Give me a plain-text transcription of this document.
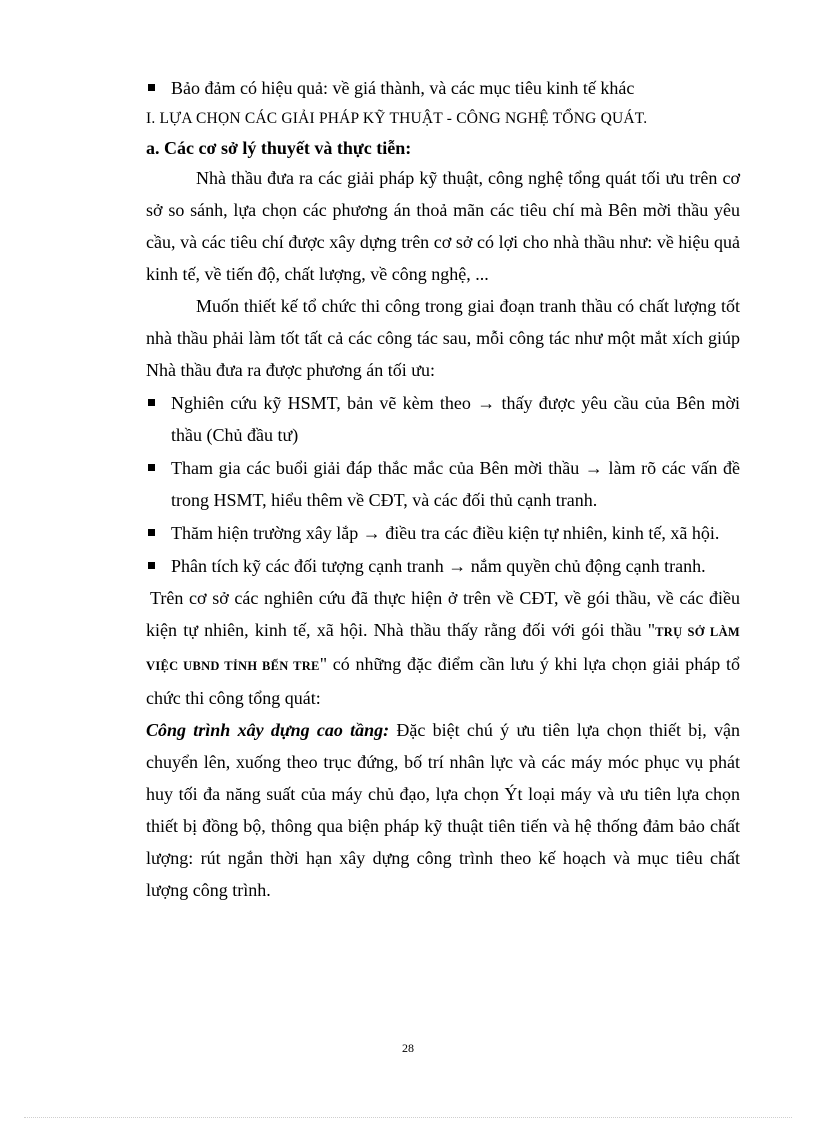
Bảo đảm có hiệu quả: về giá thành, và các mục tiêu kinh tế khác

I. LỰA CHỌN CÁC GIẢI PHÁP KỸ THUẬT - CÔNG NGHỆ TỔNG QUÁT.

a. Các cơ sở lý thuyết và thực tiễn:

Nhà thầu đưa ra các giải pháp kỹ thuật, công nghệ tổng quát tối ưu trên cơ sở so sánh, lựa chọn các phương án thoả mãn các tiêu chí mà Bên mời thầu yêu cầu, và các tiêu chí được xây dựng trên cơ sở có lợi cho nhà thầu như: về hiệu quả kinh tế, về tiến độ, chất lượng, về công nghệ, ...

Muốn thiết kế tổ chức thi công trong giai đoạn tranh thầu có chất lượng tốt nhà thầu phải làm tốt tất cả các công tác sau, mỗi công tác như một mắt xích giúp Nhà thầu đưa ra được phương án tối ưu:

Nghiên cứu kỹ HSMT, bản vẽ kèm theo → thấy được yêu cầu của Bên mời thầu (Chủ đầu tư)

Tham gia các buổi giải đáp thắc mắc của Bên mời thầu → làm rõ các vấn đề trong HSMT, hiểu thêm về CĐT, và các đối thủ cạnh tranh.

Thăm hiện trường xây lắp → điều tra các điều kiện tự nhiên, kinh tế, xã hội.

Phân tích kỹ các đối tượng cạnh tranh → nắm quyền chủ động cạnh tranh.

Trên cơ sở các nghiên cứu đã thực hiện ở trên về CĐT, về gói thầu, về các điều kiện tự nhiên, kinh tế, xã hội. Nhà thầu thấy rằng đối với gói thầu "TRỤ SỞ LÀM VIỆC UBND TỈNH BẾN TRE" có những đặc điểm cần lưu ý khi lựa chọn giải pháp tổ chức thi công tổng quát:

Công trình xây dựng cao tầng: Đặc biệt chú ý ưu tiên lựa chọn thiết bị, vận chuyển lên, xuống theo trục đứng, bố trí nhân lực và các máy móc phục vụ phát huy tối đa năng suất của máy chủ đạo, lựa chọn Ýt loại máy và ưu tiên lựa chọn thiết bị đồng bộ, thông qua biện pháp kỹ thuật tiên tiến và hệ thống đảm bảo chất lượng: rút ngắn thời hạn xây dựng công trình theo kế hoạch và mục tiêu chất lượng công trình.

28
